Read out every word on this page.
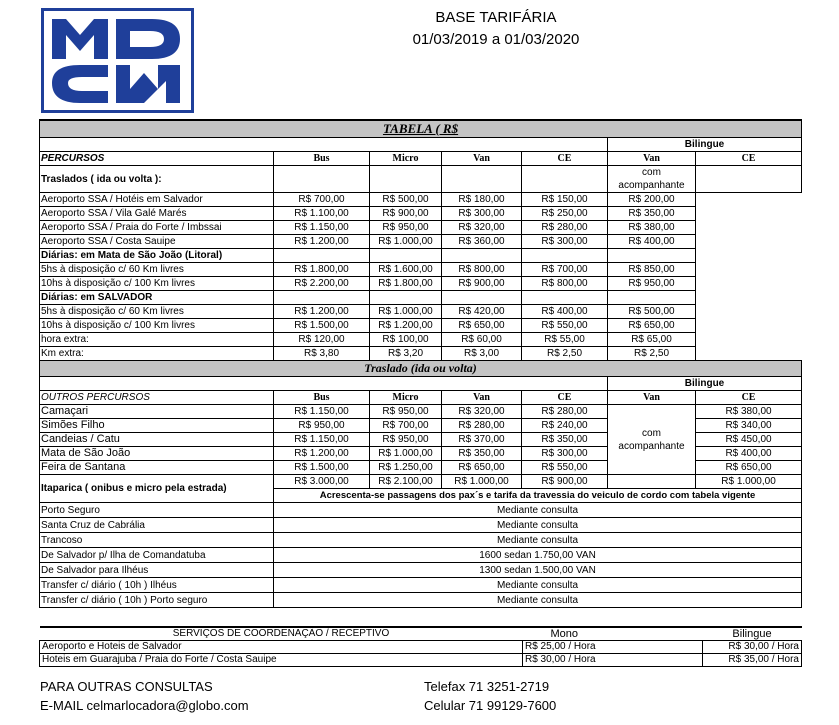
BASE TARIFÁRIA
01/03/2019 a 01/03/2020
TABELA ( R$						
					Bilingue	
PERCURSOS	Bus	Micro	Van	CE	Van	CE
Traslados ( ida ou volta ):					com acompanhante	
Aeroporto SSA / Hotéis em Salvador	R$ 700,00	R$ 500,00	R$ 180,00	R$ 150,00	R$ 200,00	
Aeroporto SSA / Vila Galé Marés	R$ 1.100,00	R$ 900,00	R$ 300,00	R$ 250,00	R$ 350,00	
Aeroporto SSA / Praia do Forte / Imbssai	R$ 1.150,00	R$ 950,00	R$ 320,00	R$ 280,00	R$ 380,00	
Aeroporto SSA / Costa Sauipe	R$ 1.200,00	R$ 1.000,00	R$ 360,00	R$ 300,00	R$ 400,00	
Diárias: em Mata de São João (Litoral)						
5hs à disposição c/ 60 Km livres	R$ 1.800,00	R$ 1.600,00	R$ 800,00	R$ 700,00	R$ 850,00	
10hs à disposição c/ 100 Km livres	R$ 2.200,00	R$ 1.800,00	R$ 900,00	R$ 800,00	R$ 950,00	
Diárias: em SALVADOR						
5hs à disposição c/ 60 Km livres	R$ 1.200,00	R$ 1.000,00	R$ 420,00	R$ 400,00	R$ 500,00	
10hs à disposição c/ 100 Km livres	R$ 1.500,00	R$ 1.200,00	R$ 650,00	R$ 550,00	R$ 650,00	
hora extra:	R$ 120,00	R$ 100,00	R$ 60,00	R$ 55,00	R$ 65,00	
Km extra:	R$ 3,80	R$ 3,20	R$ 3,00	R$ 2,50	R$ 2,50	
Traslado (ida ou volta)						
					Bilingue	
OUTROS PERCURSOS	Bus	Micro	Van	CE	Van	CE
Camaçari	R$ 1.150,00	R$ 950,00	R$ 320,00	R$ 280,00	com acompanhante	R$ 380,00
Simões Filho	R$ 950,00	R$ 700,00	R$ 280,00	R$ 240,00		R$ 340,00
Candeias / Catu	R$ 1.150,00	R$ 950,00	R$ 370,00	R$ 350,00		R$ 450,00
Mata de São João	R$ 1.200,00	R$ 1.000,00	R$ 350,00	R$ 300,00		R$ 400,00
Feira de Santana	R$ 1.500,00	R$ 1.250,00	R$ 650,00	R$ 550,00		R$ 650,00
Itaparica ( onibus e micro pela estrada)	R$ 3.000,00	R$ 2.100,00	R$ 1.000,00	R$ 900,00		R$ 1.000,00
	Acrescenta-se passagens dos pax´s e tarifa da travessia do veiculo de cordo com tabela vigente					
Porto Seguro	Mediante consulta					
Santa Cruz de Cabrália	Mediante consulta					
Trancoso	Mediante consulta					
De Salvador p/ Ilha de Comandatuba	1600 sedan 1.750,00 VAN					
De Salvador para Ilhéus	1300 sedan 1.500,00 VAN					
Transfer c/ diário ( 10h ) Ilhéus	Mediante consulta					
Transfer c/ diário ( 10h ) Porto seguro	Mediante consulta					
SERVIÇOS DE COORDENAÇÃO / RECEPTIVO	Mono	Bilingue
Aeroporto e Hoteis de Salvador	R$ 25,00 / Hora	R$ 30,00 / Hora
Hoteis em Guarajuba / Praia do Forte / Costa Sauipe	R$ 30,00 / Hora	R$ 35,00 / Hora
PARA OUTRAS CONSULTAS
E-MAIL celmarlocadora@globo.com
Telefax 71 3251-2719
Celular 71 99129-7600
